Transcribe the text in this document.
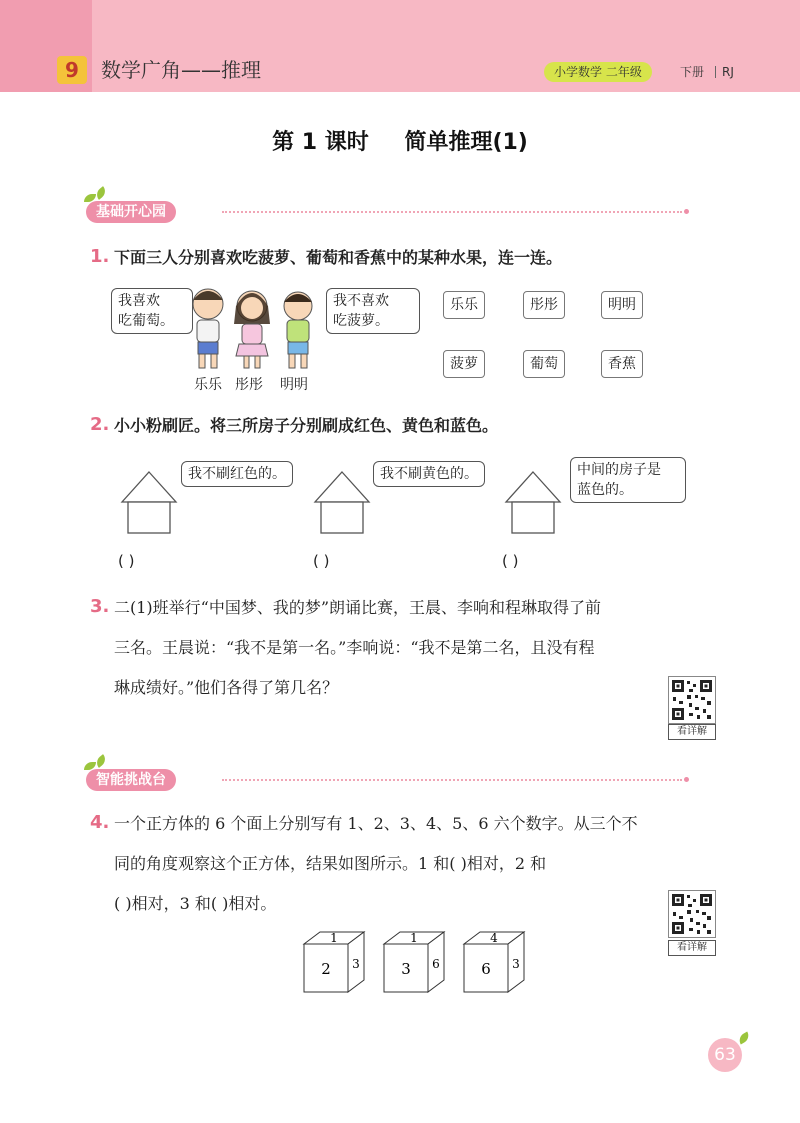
9	数学广角——推理	小学数学 二年级	下册 RJ
第 1 课时 简单推理(1)
基础开心园
1. 下面三人分别喜欢吃菠萝、葡萄和香蕉中的某种水果，连一连。
我喜欢
吃葡萄。
我不喜欢
吃菠萝。
乐乐 彤彤 明明
乐乐	彤彤	明明
菠萝	葡萄	香蕉
2. 小小粉刷匠。将三所房子分别刷成红色、黄色和蓝色。
我不刷红色的。	我不刷黄色的。	中间的房子是
蓝色的。
( )	( )	( )
3. 二(1)班举行“中国梦、我的梦”朗诵比赛，王晨、李响和程琳取得了前
三名。王晨说：“我不是第一名。”李响说：“我不是第二名，且没有程
琳成绩好。”他们各得了第几名？
看详解
智能挑战台
4. 一个正方体的 6 个面上分别写有 1、2、3、4、5、6 六个数字。从三个不
同的角度观察这个正方体，结果如图所示。1 和( )相对，2 和
( )相对，3 和( )相对。
看详解
1
2 3
1
3 6
4
6 3
63
